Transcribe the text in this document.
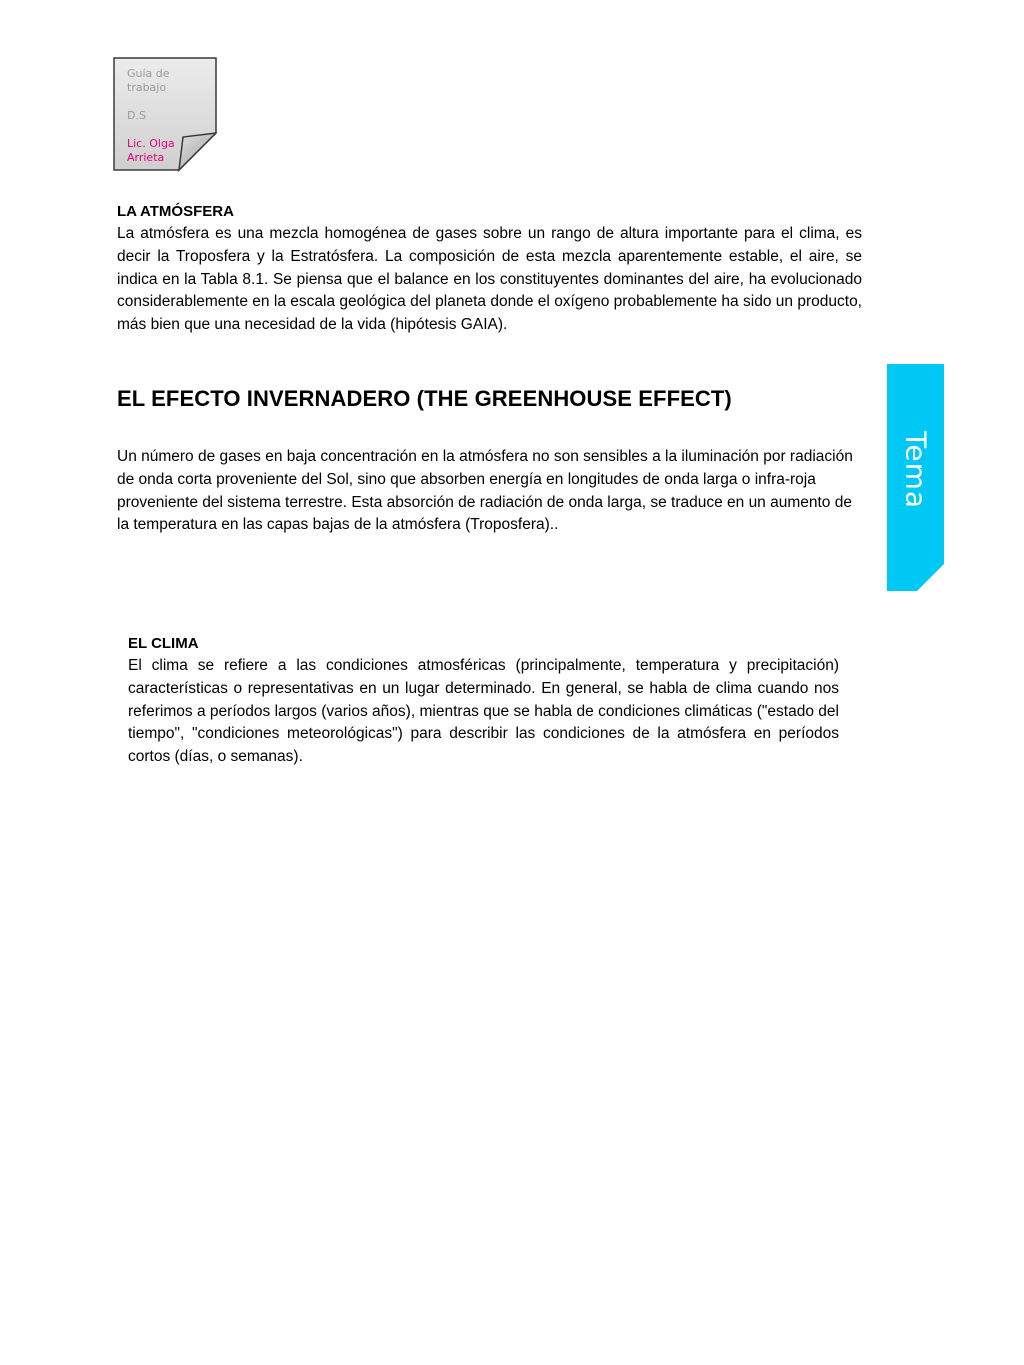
Guía de
trabajo
D.S
Lic. Olga
Arrieta
LA ATMÓSFERA
La atmósfera es una mezcla homogénea de gases sobre un rango de altura importante para el clima, es decir la Troposfera y la Estratósfera. La composición de esta mezcla aparentemente estable, el aire, se indica en la Tabla 8.1. Se piensa que el balance en los constituyentes dominantes del aire, ha evolucionado considerablemente en la escala geológica del planeta donde el oxígeno probablemente ha sido un producto, más bien que una necesidad de la vida (hipótesis GAIA).
EL EFECTO INVERNADERO (THE GREENHOUSE EFFECT)
Un número de gases en baja concentración en la atmósfera no son sensibles a la iluminación por radiación de onda corta proveniente del Sol, sino que absorben energía en longitudes de onda larga o infra-roja proveniente del sistema terrestre. Esta absorción de radiación de onda larga, se traduce en un aumento de la temperatura en las capas bajas de la atmósfera (Troposfera)..
EL CLIMA
El clima se refiere a las condiciones atmosféricas (principalmente, temperatura y precipitación) características o representativas en un lugar determinado. En general, se habla de clima cuando nos referimos a períodos largos (varios años), mientras que se habla de condiciones climáticas ("estado del tiempo", "condiciones meteorológicas") para describir las condiciones de la atmósfera en períodos cortos (días, o semanas).
Tema
